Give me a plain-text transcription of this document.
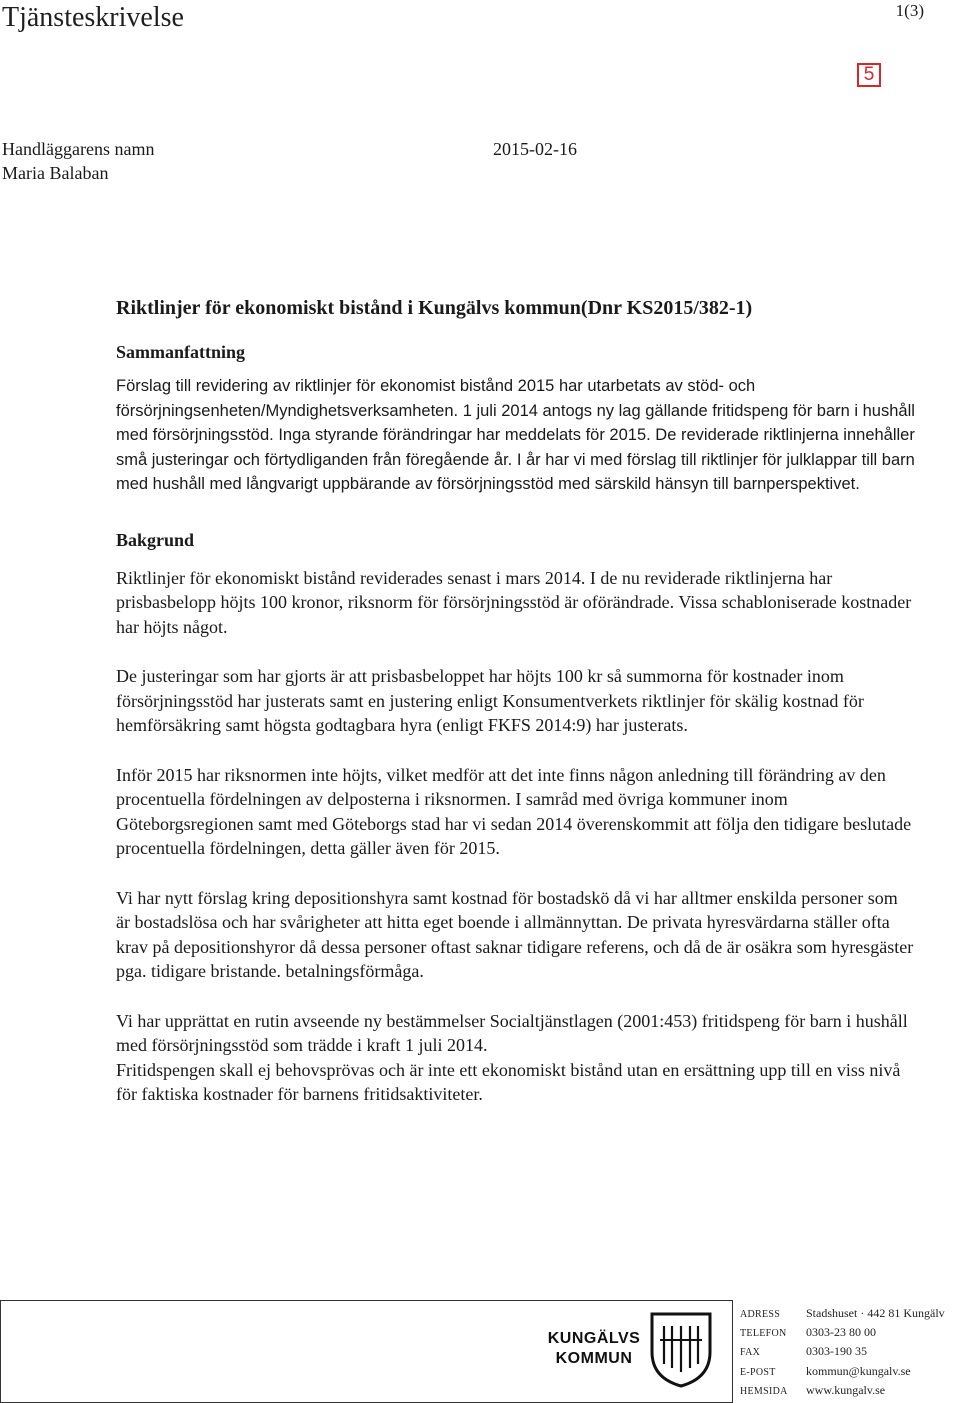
Tjänsteskrivelse	1(3)
5
Handläggarens namn
Maria Balaban
2015-02-16
Riktlinjer för ekonomiskt bistånd i Kungälvs kommun(Dnr KS2015/382-1)
Sammanfattning

Förslag till revidering av riktlinjer för ekonomist bistånd 2015 har utarbetats av stöd- och försörjningsenheten/Myndighetsverksamheten. 1 juli 2014 antogs ny lag gällande fritidspeng för barn i hushåll med försörjningsstöd. Inga styrande förändringar har meddelats för 2015. De reviderade riktlinjerna innehåller små justeringar och förtydliganden från föregående år. I år har vi med förslag till riktlinjer för julklappar till barn med hushåll med långvarigt uppbärande av försörjningsstöd med särskild hänsyn till barnperspektivet.

Bakgrund

Riktlinjer för ekonomiskt bistånd reviderades senast i mars 2014. I de nu reviderade riktlinjerna har prisbasbelopp höjts 100 kronor, riksnorm för försörjningsstöd är oförändrade. Vissa schabloniserade kostnader har höjts något.

De justeringar som har gjorts är att prisbasbeloppet har höjts 100 kr så summorna för kostnader inom försörjningsstöd har justerats samt en justering enligt Konsumentverkets riktlinjer för skälig kostnad för hemförsäkring samt högsta godtagbara hyra (enligt FKFS 2014:9) har justerats.

Inför 2015 har riksnormen inte höjts, vilket medför att det inte finns någon anledning till förändring av den procentuella fördelningen av delposterna i riksnormen. I samråd med övriga kommuner inom Göteborgsregionen samt med Göteborgs stad har vi sedan 2014 överenskommit att följa den tidigare beslutade procentuella fördelningen, detta gäller även för 2015.

Vi har nytt förslag kring depositionshyra samt kostnad för bostadskö då vi har alltmer enskilda personer som är bostadslösa och har svårigheter att hitta eget boende i allmännyttan. De privata hyresvärdarna ställer ofta krav på depositionshyror då dessa personer oftast saknar tidigare referens, och då de är osäkra som hyresgäster pga. tidigare bristande. betalningsförmåga.

Vi har upprättat en rutin avseende ny bestämmelser Socialtjänstlagen (2001:453) fritidspeng för barn i hushåll med försörjningsstöd som trädde i kraft 1 juli 2014.

Fritidspengen skall ej behovsprövas och är inte ett ekonomiskt bistånd utan en ersättning upp till en viss nivå för faktiska kostnader för barnens fritidsaktiviteter.

KUNGÄLVS
KOMMUN
ADRESS Stadshuset · 442 81 Kungälv
TELEFON 0303-23 80 00
FAX	0303-190 35
E-POST	kommun@kungalv.se
HEMSIDA www.kungalv.se
